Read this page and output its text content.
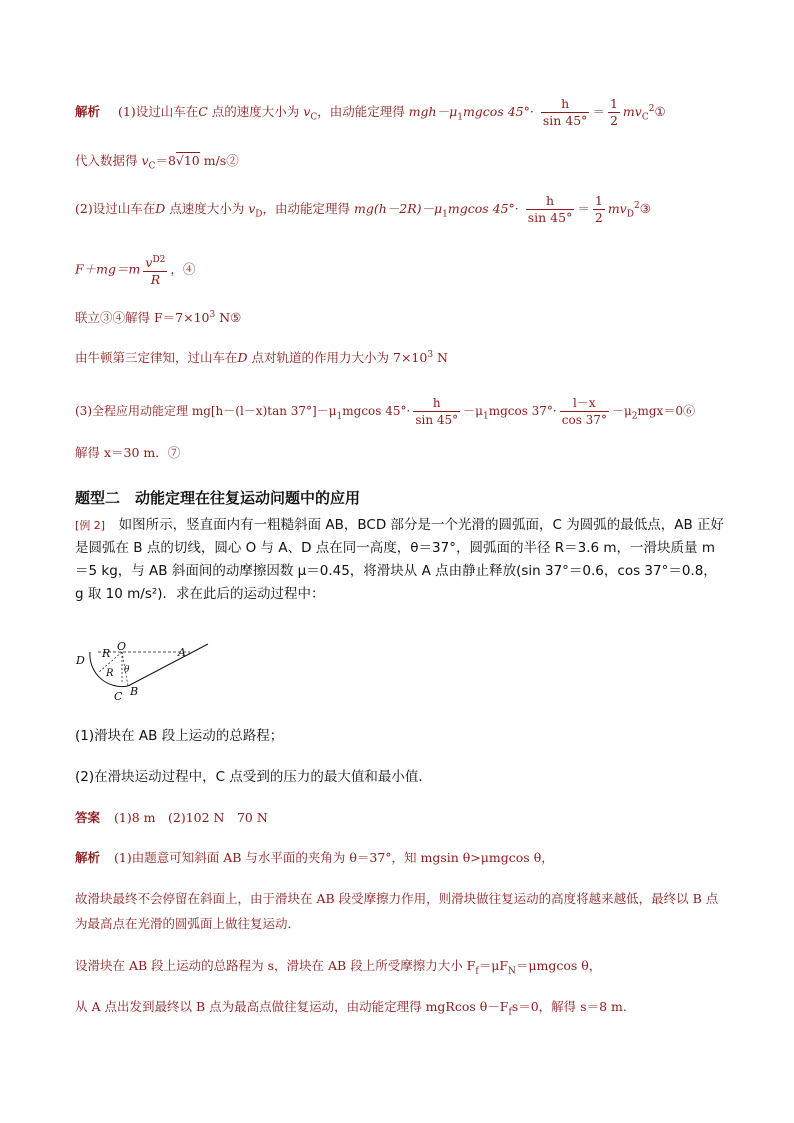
解析 (1)设过山车在C 点的速度大小为 $v_C$，由动能定理得 $mgh-\mu_1mgcos$ $45^\circ\cdot \frac{h}{\sin 45^\circ} = \frac{1}{2}$ $mv_C^2①$
代入数据得 $v_C=8√10$ m/s②
(2)设过山车在D 点速度大小为 $v_D$，由动能定理得 $mg(h-2R)-\mu_1mgcos$ $45^\circ\cdot \frac{h}{\sin 45^\circ} = \frac{1}{2}$ $mv_D^2③$
$F+mg=m \frac{v^{D2}}{R}$ ，④
联立③④解得 $F=7\times 10^3$ N⑤
由牛顿第三定律知，过山车在D 点对轨道的作用力大小为 $7\times 10^3$ N
(3)全程应用动能定理 mg[h－(l－x)tan $37^\circ]-\mu_1mgcos$ $45^\circ\cdot \frac{h}{\sin 45^\circ} -\mu_1mgcos$ $37^\circ\cdot \frac{l-x}{\cos 37^\circ}$ $-\mu_2mgx=0⑥$
解得 x＝30 m．⑦
题型二　动能定理在往复运动问题中的应用
[例 2]　如图所示，竖直面内有一粗糙斜面 AB，BCD 部分是一个光滑的圆弧面，C 为圆弧的最低点，AB 正好是圆弧在 B 点的切线，圆心 O 与 A、D 点在同一高度，θ＝37°，圆弧面的半径 R＝3.6 m，一滑块质量 m＝5 kg，与 AB 斜面间的动摩擦因数 μ＝0.45，将滑块从 A 点由静止释放(sin 37°＝0.6，cos 37°＝0.8，g 取 10 m/s²)．求在此后的运动过程中：
D
R
O	A
R θ
C B
(1)滑块在 AB 段上运动的总路程；
(2)在滑块运动过程中，C 点受到的压力的最大值和最小值．
答案 (1)8 m　(2)102 N　70 N
解析 (1)由题意可知斜面 AB 与水平面的夹角为 θ＝37°，知 mgsin θ>μmgcos θ，
故滑块最终不会停留在斜面上，由于滑块在 AB 段受摩擦力作用，则滑块做往复运动的高度将越来越低，最终以 B 点为最高点在光滑的圆弧面上做往复运动．
设滑块在 AB 段上运动的总路程为 s，滑块在 AB 段上所受摩擦力大小 $F_f=\mu F_N=\mu mgcos$ θ，
从 A 点出发到最终以 B 点为最高点做往复运动，由动能定理得 mgRcos $\theta-F_fs=0$，解得 s＝8 m.
